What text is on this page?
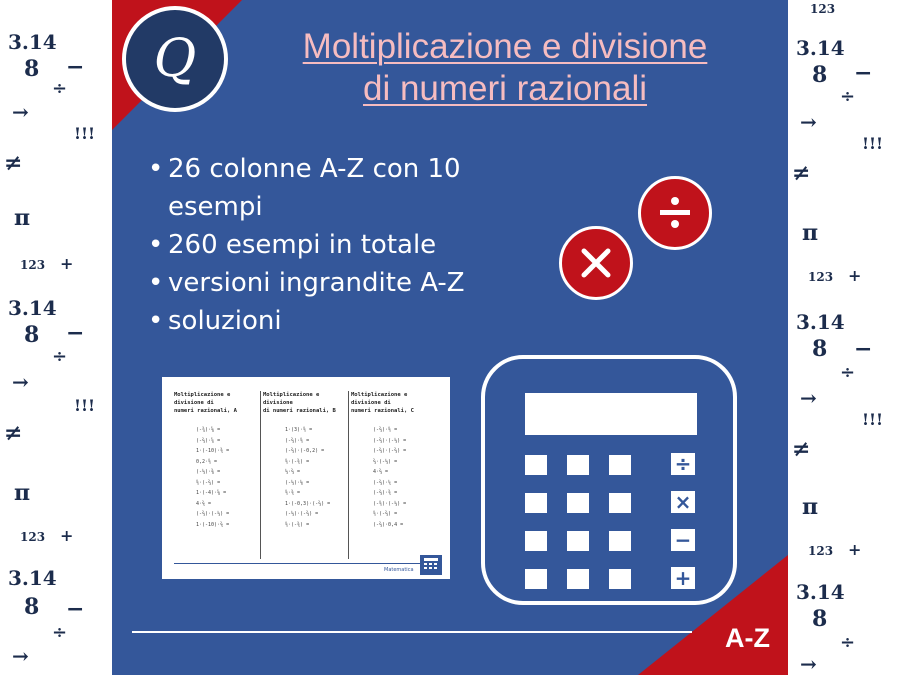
3.14
8
÷
−
→
!!!
≠
π
123 +
3.14
8 −
÷
→
!!!
≠
π
123 +
3.14
8 −
÷
→
123
3.14
8 −
÷
→
!!!
≠
π
123 +
3.14
8 −
÷
→
!!!
≠
π
123 +
3.14
8
÷
→
Q	Moltiplicazione e divisione
di numeri razionali
• 26 colonne A-Z con 10 esempi
• 260 esempi in totale
• versioni ingrandite A-Z
• soluzioni
Moltiplicazione e divisione di
numeri razionali, A
(-¾)·⅝ =
(-⅔)·⅚ =
1·(-10)·⅗ =
0,2·⅘ =
(-⅓)·⅜ =
⅘·(-⅔) =
1·(-4)·⅝ =
4·⅖ =
(-⅔)·(-⅓) =
1·(-10)·⅖ =
Moltiplicazione e divisione
di numeri razionali, B
1·(3)·⅘ =
(-⅔)·⅘ =
(-⅔)·(-0,2) =
⅘·(-⅗) =
⅓·⅔ =
(-⅓)·⅙ =
⅘·⅗ =
1·(-0,3)·(-⅔) =
(-⅓)·(-⅔) =
⅘·(-⅗) =
Moltiplicazione e divisione di
numeri razionali, C
(-⅔)·⅘ =
(-⅔)·(-⅓) =
(-⅔)·(-⅔) =
⅔·(-⅓) =
4·⅔ =
(-⅔)·⅕ =
(-⅔)·⅗ =
(-⅘)·(-⅓) =
⅘·(-⅔) =
(-⅔)·0,4 =
Matematica
÷
×
−
+
A-Z
